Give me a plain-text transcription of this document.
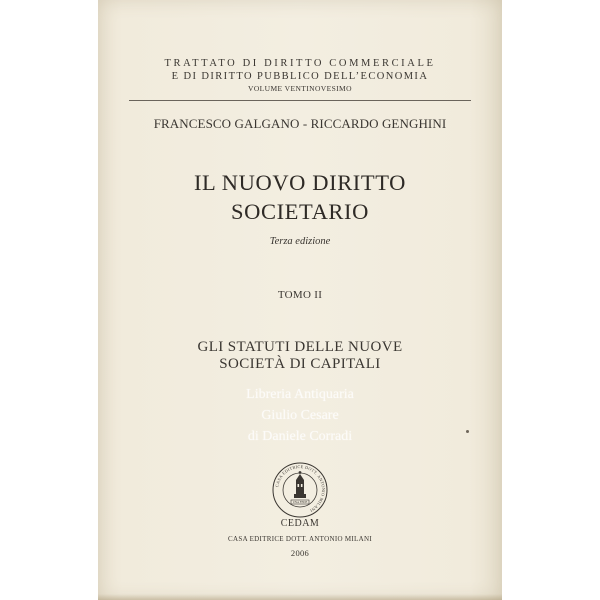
TRATTATO DI DIRITTO COMMERCIALE
E DI DIRITTO PUBBLICO DELL’ECONOMIA
VOLUME VENTINOVESIMO
FRANCESCO GALGANO - RICCARDO GENGHINI
IL NUOVO DIRITTO
SOCIETARIO
Terza edizione
TOMO II
GLI STATUTI DELLE NUOVE
SOCIETÀ DI CAPITALI
Libreria Antiquaria
Giulio Cesare
di Daniele Corradi
CASA EDITRICE DOTT. ANTONIO MILANI
UNA FEDE
CEDAM
CASA EDITRICE DOTT. ANTONIO MILANI
2006
